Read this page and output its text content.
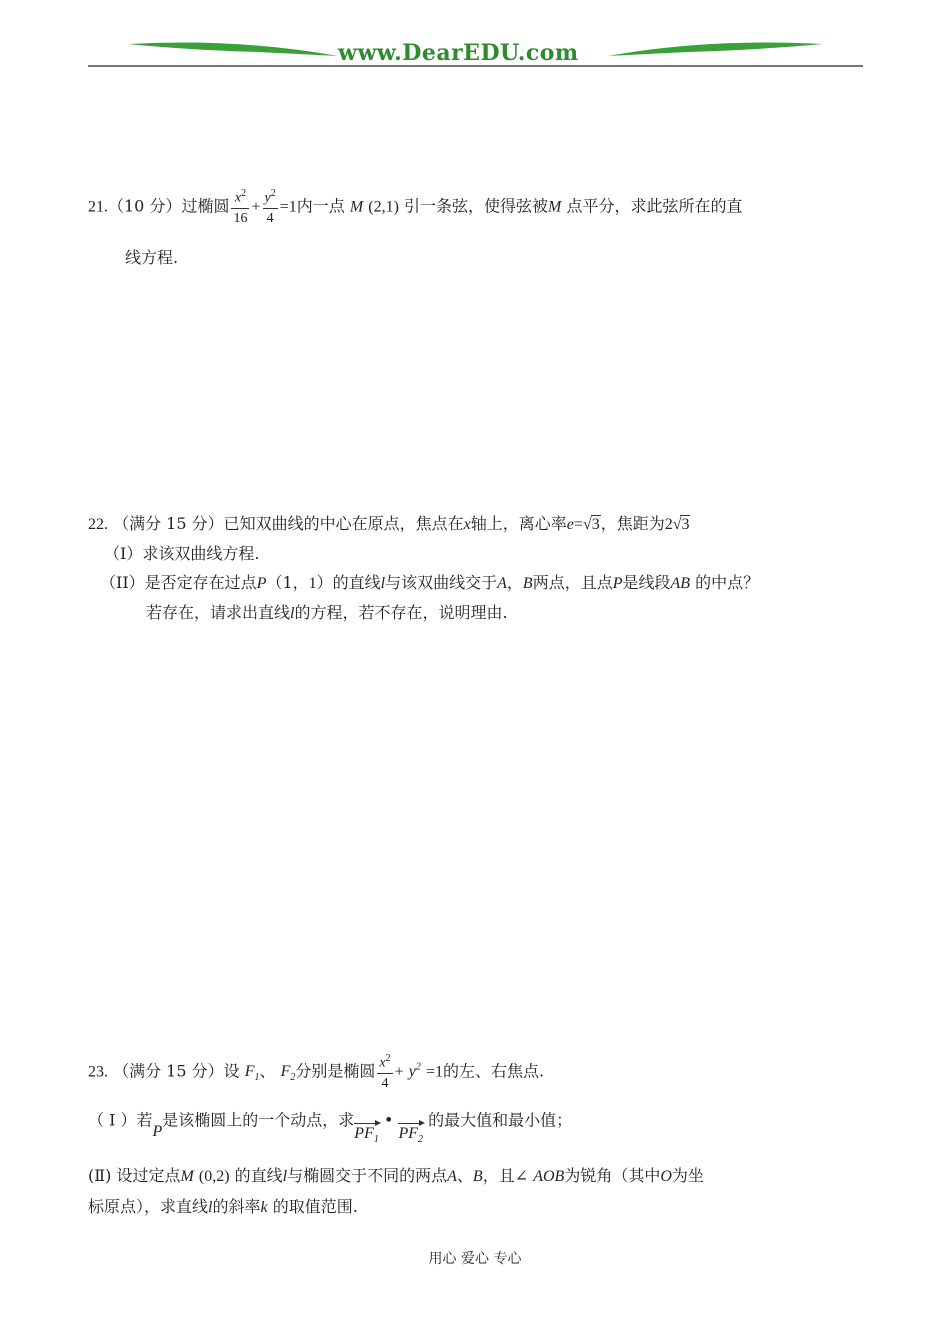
www.DearEDU.com
21.（10 分）过椭圆 $\frac{x^2}{16} + \frac{y^2}{4} =1$内一点 M (2,1) 引一条弦，使得弦被M 点平分，求此弦所在的直
线方程.
22. （满分 15 分）已知双曲线的中心在原点，焦点在x轴上，离心率e=√3，焦距为2√3
（I）求该双曲线方程.
（II）是否定存在过点P（1，1）的直线l与该双曲线交于A，B两点，且点P是线段AB 的中点？
若存在，请求出直线l的方程，若不存在，说明理由.
23. （满分 15 分）设 $F_1$、 $F_2$分别是椭圆 $\frac{x^2}{4} + y^2 =1$的左、右焦点.
（ I ）若P是该椭圆上的一个动点，求$PF_1$ • $PF_2$ 的最大值和最小值；
(Ⅱ) 设过定点M (0,2) 的直线l与椭圆交于不同的两点A、B，且∠ AOB为锐角（其中O为坐
标原点），求直线l的斜率k 的取值范围.
用心 爱心 专心
